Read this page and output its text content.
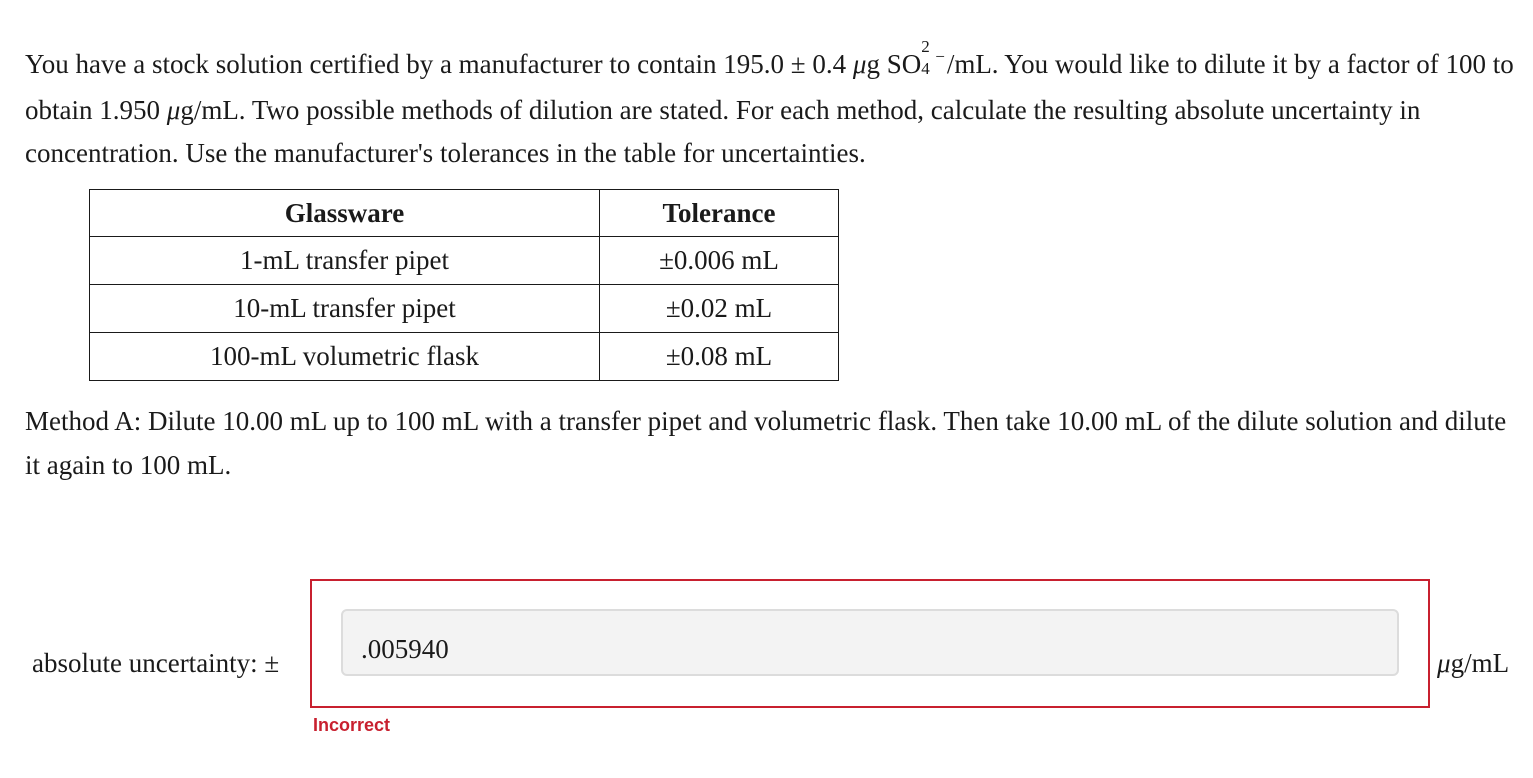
You have a stock solution certified by a manufacturer to contain 195.0 ± 0.4 μg SO
2
4
−/mL. You would like to dilute it by a factor of 100 to obtain 1.950 μg/mL. Two possible methods of dilution are stated. For each method, calculate the resulting absolute uncertainty in concentration. Use the manufacturer's tolerances in the table for uncertainties.

Glassware	Tolerance
1-mL transfer pipet	±0.006 mL
10-mL transfer pipet	±0.02 mL
100-mL volumetric flask	±0.08 mL

Method A: Dilute 10.00 mL up to 100 mL with a transfer pipet and volumetric flask. Then take 10.00 mL of the dilute solution and dilute it again to 100 mL.

absolute uncertainty: ±
.005940	μg/mL
Incorrect
